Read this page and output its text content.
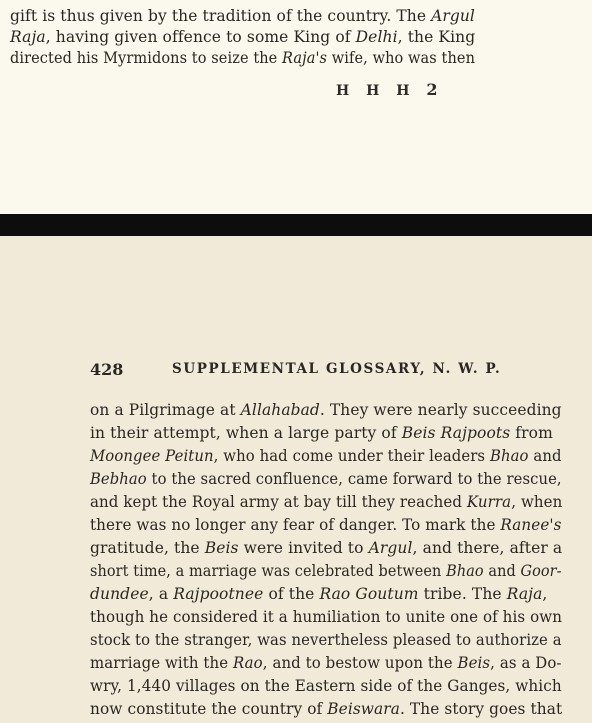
gift is thus given by the tradition of the country. The Argul
Raja, having given offence to some King of Delhi, the King
directed his Myrmidons to seize the Raja's wife, who was then
H H H 2
428	SUPPLEMENTAL GLOSSARY, N. W. P.
on a Pilgrimage at Allahabad. They were nearly succeeding
in their attempt, when a large party of Beis Rajpoots from
Moongee Peitun, who had come under their leaders Bhao and
Bebhao to the sacred confluence, came forward to the rescue,
and kept the Royal army at bay till they reached Kurra, when
there was no longer any fear of danger. To mark the Ranee's
gratitude, the Beis were invited to Argul, and there, after a
short time, a marriage was celebrated between Bhao and Goor-
dundee, a Rajpootnee of the Rao Goutum tribe. The Raja,
though he considered it a humiliation to unite one of his own
stock to the stranger, was nevertheless pleased to authorize a
marriage with the Rao, and to bestow upon the Beis, as a Do-
wry, 1,440 villages on the Eastern side of the Ganges, which
now constitute the country of Beiswara. The story goes that
